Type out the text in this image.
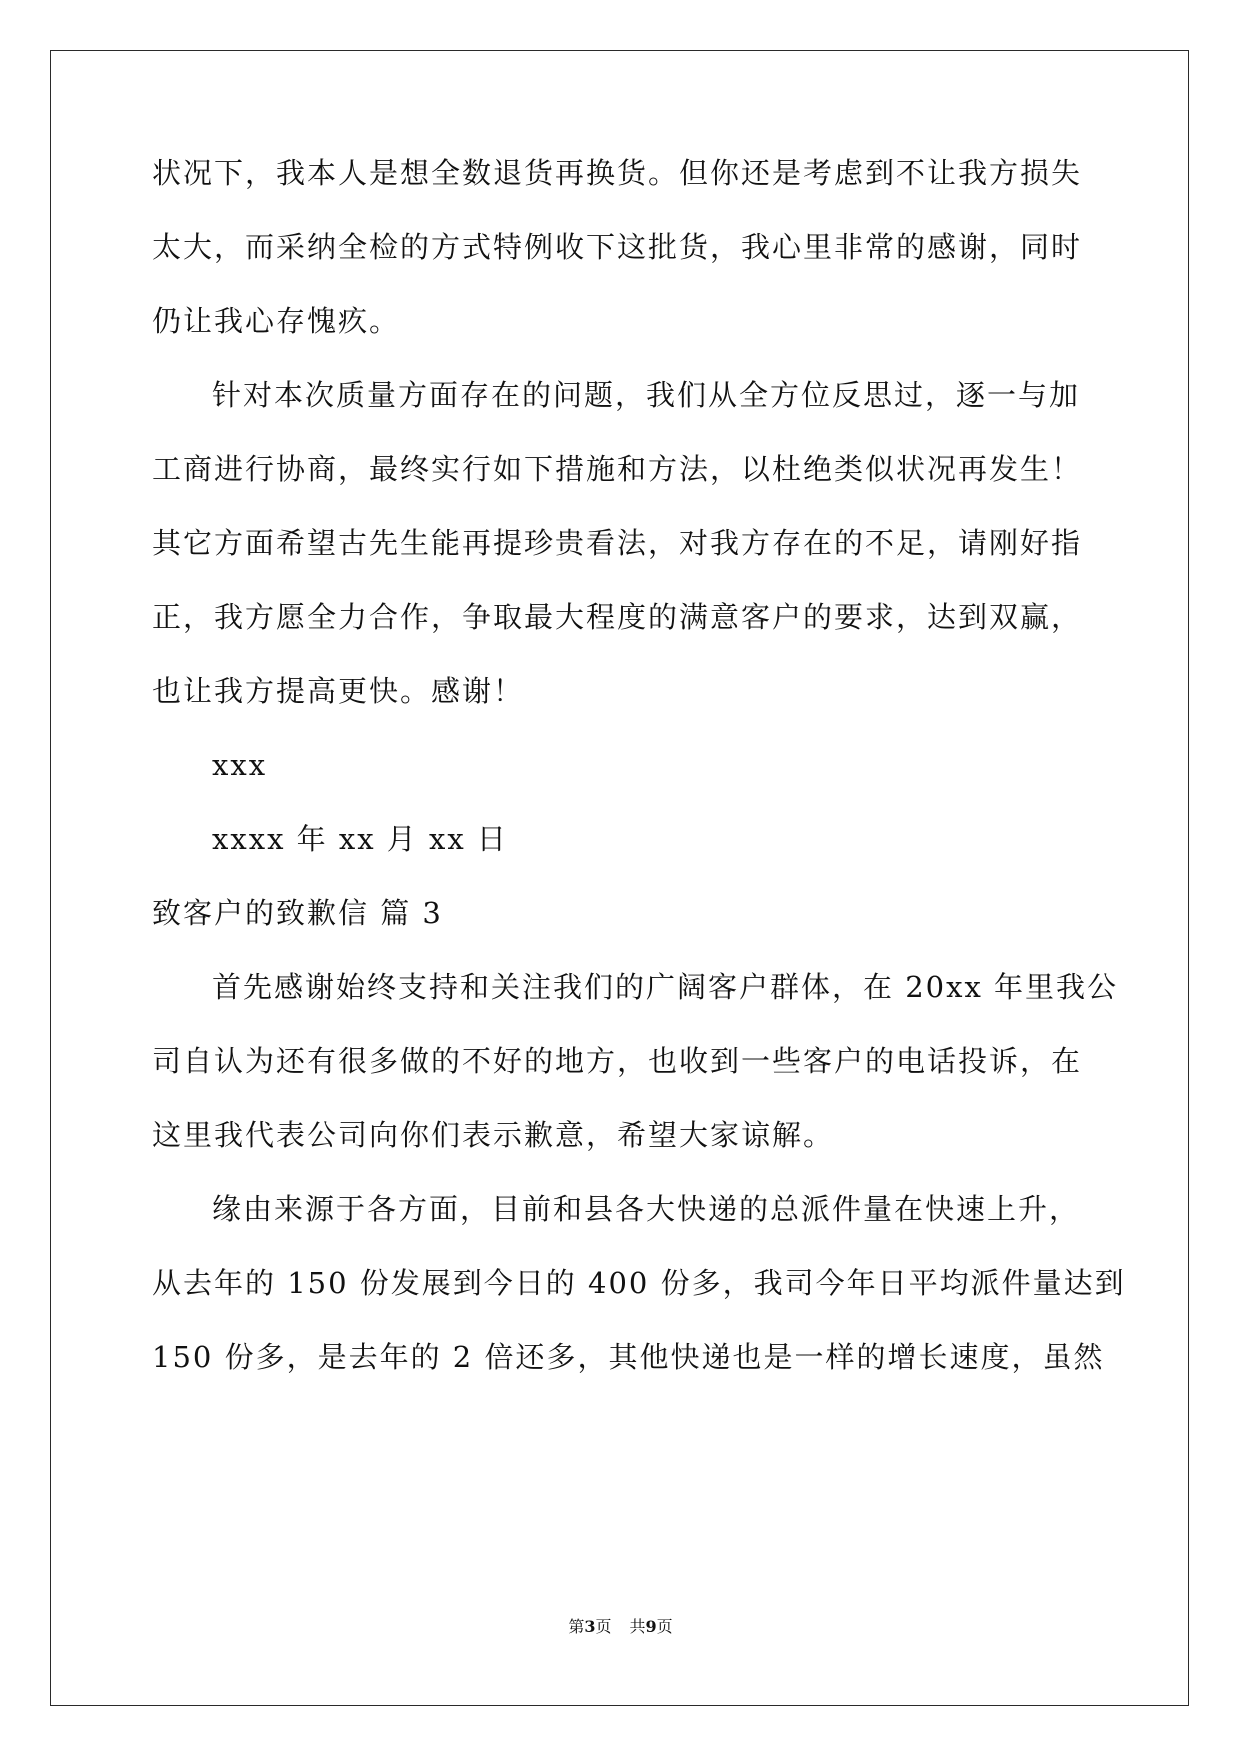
状况下，我本人是想全数退货再换货。但你还是考虑到不让我方损失
太大，而采纳全检的方式特例收下这批货，我心里非常的感谢，同时
仍让我心存愧疚。
针对本次质量方面存在的问题，我们从全方位反思过，逐一与加
工商进行协商，最终实行如下措施和方法，以杜绝类似状况再发生！
其它方面希望古先生能再提珍贵看法，对我方存在的不足，请刚好指
正，我方愿全力合作，争取最大程度的满意客户的要求，达到双赢，
也让我方提高更快。感谢！
xxx
xxxx 年 xx 月 xx 日
致客户的致歉信 篇 3
首先感谢始终支持和关注我们的广阔客户群体，在 20xx 年里我公
司自认为还有很多做的不好的地方，也收到一些客户的电话投诉，在
这里我代表公司向你们表示歉意，希望大家谅解。
缘由来源于各方面，目前和县各大快递的总派件量在快速上升，
从去年的 150 份发展到今日的 400 份多，我司今年日平均派件量达到
150 份多，是去年的 2 倍还多，其他快递也是一样的增长速度，虽然
第3页 共9页
